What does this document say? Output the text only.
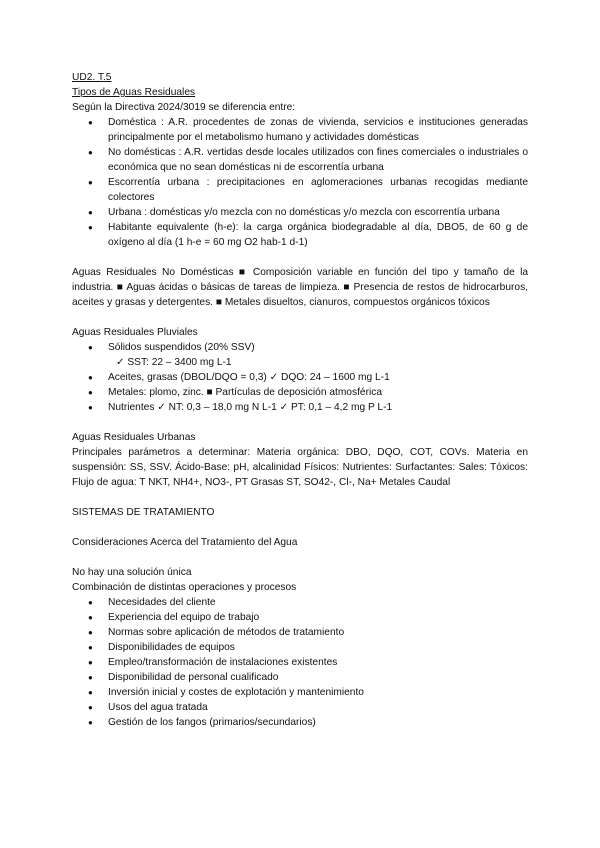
UD2. T.5

Tipos de Aguas Residuales

Según la Directiva 2024/3019 se diferencia entre:

● Doméstica : A.R. procedentes de zonas de vivienda, servicios e instituciones generadas principalmente por el metabolismo humano y actividades domésticas
● No domésticas : A.R. vertidas desde locales utilizados con fines comerciales o industriales o económica que no sean domésticas ni de escorrentía urbana
● Escorrentía urbana : precipitaciones en aglomeraciones urbanas recogidas mediante colectores
● Urbana : domésticas y/o mezcla con no domésticas y/o mezcla con escorrentía urbana
● Habitante equivalente (h-e): la carga orgánica biodegradable al día, DBO5, de 60 g de oxígeno al día (1 h-e = 60 mg O2 hab-1 d-1)

Aguas Residuales No Domésticas ■ Composición variable en función del tipo y tamaño de la industria. ■ Aguas ácidas o básicas de tareas de limpieza. ■ Presencia de restos de hidrocarburos, aceites y grasas y detergentes. ■ Metales disueltos, cianuros, compuestos orgánicos tóxicos

Aguas Residuales Pluviales

● Sólidos suspendidos (20% SSV)
✓ SST: 22 – 3400 mg L-1
● Aceites, grasas (DBOL/DQO = 0,3) ✓ DQO: 24 – 1600 mg L-1
● Metales: plomo, zinc. ■ Partículas de deposición atmosférica
● Nutrientes ✓ NT: 0,3 – 18,0 mg N L-1 ✓ PT: 0,1 – 4,2 mg P L-1

Aguas Residuales Urbanas

Principales parámetros a determinar: Materia orgánica: DBO, DQO, COT, COVs. Materia en suspensión: SS, SSV. Ácido-Base: pH, alcalinidad Físicos: Nutrientes: Surfactantes: Sales: Tóxicos: Flujo de agua: T NKT, NH4+, NO3-, PT Grasas ST, SO42-, Cl-, Na+ Metales Caudal

SISTEMAS DE TRATAMIENTO

Consideraciones Acerca del Tratamiento del Agua

No hay una solución única

Combinación de distintas operaciones y procesos

● Necesidades del cliente
● Experiencia del equipo de trabajo
● Normas sobre aplicación de métodos de tratamiento
● Disponibilidades de equipos
● Empleo/transformación de instalaciones existentes
● Disponibilidad de personal cualificado
● Inversión inicial y costes de explotación y mantenimiento
● Usos del agua tratada
● Gestión de los fangos (primarios/secundarios)
